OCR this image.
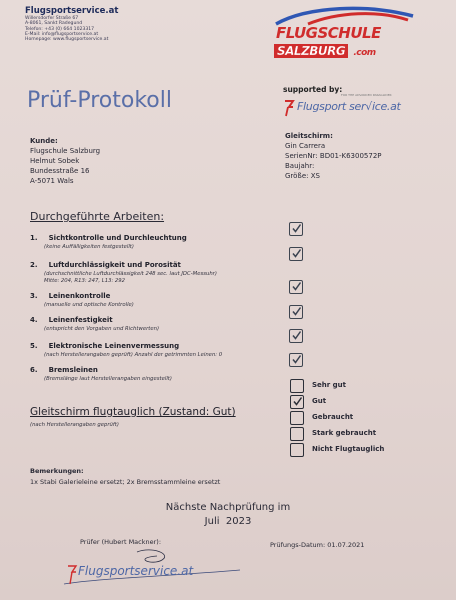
Flugsportservice.at
Willersdorfer Straße 67
A-8061, Sankt Radegund
Telefon: +43 (0) 664 1023317
E-Mail: info@flugsportservice.at
Homepage: www.flugsportservice.at	FLUGSCHULE
SALZBURG .com
Prüf-Protokoll	supported by:
Flugsport ser√ice.at
FOR THE ADVANCED PARAGLIDER
Kunde:
Flugschule Salzburg
Helmut Sobek
Bundesstraße 16
A-5071 Wals
Gleitschirm:
Gin Carrera
SerienNr: BD01-K6300572P
Baujahr:
Größe: XS
Durchgeführte Arbeiten:
1. Sichtkontrolle und Durchleuchtung
(keine Auffälligkeiten festgestellt)
2. Luftdurchlässigkeit und Porosität
(durchschnittliche Luftdurchlässigkeit 248 sec. laut JDC-Messuhr)
Mitte: 204, R13: 247, L13: 292
3. Leinenkontrolle
(manuelle und optische Kontrolle)
4. Leinenfestigkeit
(entspricht den Vorgaben und Richtwerten)
5. Elektronische Leinenvermessung
(nach Herstellerangaben geprüft) Anzahl der getrimmten Leinen: 0
6. Bremsleinen
(Bremslänge laut Herstellerangaben eingestellt)
Gleitschirm flugtauglich (Zustand: Gut)
(nach Herstellerangaben geprüft)
Sehr gut
Gut
Gebraucht
Stark gebraucht
Nicht Flugtauglich
Bemerkungen:
1x Stabi Galerieleine ersetzt; 2x Bremsstammleine ersetzt
Nächste Nachprüfung im
Juli  2023
Prüfer (Hubert Mackner):	Prüfungs-Datum: 01.07.2021
Flugsportservice.at
